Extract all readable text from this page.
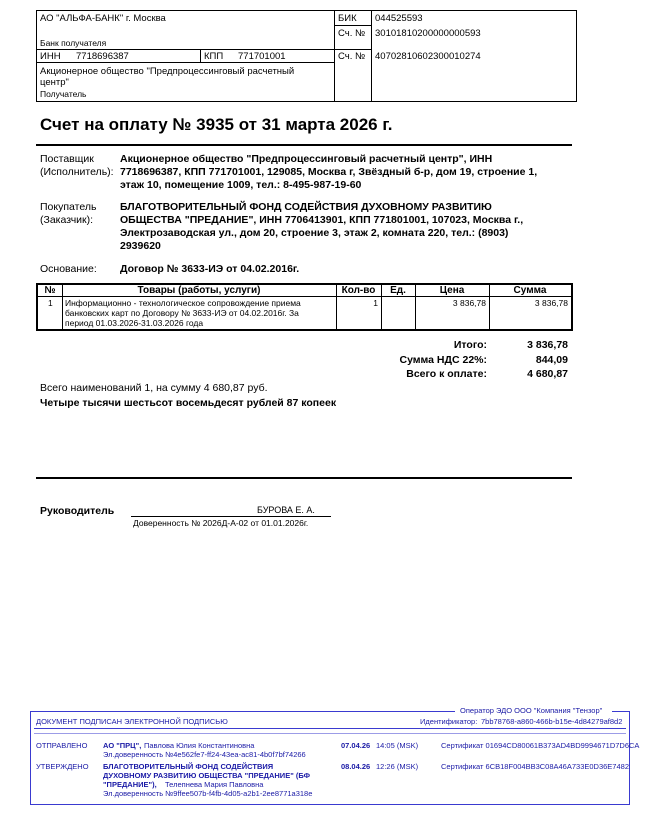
АО "АЛЬФА-БАНК" г. Москва
Банк получателя
БИК 044525593
Сч. № 30101810200000000593
ИНН 7718696387	КПП 771701001	Сч. № 40702810602300010274
Акционерное общество "Предпроцессинговый расчетный
центр"
Получатель
Счет на оплату № 3935 от 31 марта 2026 г.
Поставщик
(Исполнитель):
Акционерное общество "Предпроцессинговый расчетный центр", ИНН
7718696387, КПП 771701001, 129085, Москва г, Звёздный б-р, дом 19, строение 1,
этаж 10, помещение 1009, тел.: 8-495-987-19-60
Покупатель
(Заказчик):
БЛАГОТВОРИТЕЛЬНЫЙ ФОНД СОДЕЙСТВИЯ ДУХОВНОМУ РАЗВИТИЮ
ОБЩЕСТВА "ПРЕДАНИЕ", ИНН 7706413901, КПП 771801001, 107023, Москва г.,
Электрозаводская ул., дом 20, строение 3, этаж 2, комната 220, тел.: (8903)
2939620
Основание: Договор № 3633-ИЭ от 04.02.2016г.
№	Товары (работы, услуги)	Кол-во	Ед.	Цена	Сумма
1 Информационно - технологическое сопровождение приема
банковских карт по Договору № 3633-ИЭ от 04.02.2016г. За
период 01.03.2026-31.03.2026 года
1	3 836,78	3 836,78
Итого:	3 836,78
Сумма НДС 22%:	844,09
Всего к оплате:	4 680,87
Всего наименований 1, на сумму 4 680,87 руб.
Четыре тысячи шестьсот восемьдесят рублей 87 копеек
Руководитель	БУРОВА Е. А.
Доверенность № 2026Д-А-02 от 01.01.2026г.
Оператор ЭДО ООО "Компания "Тензор"
ДОКУМЕНТ ПОДПИСАН ЭЛЕКТРОННОЙ ПОДПИСЬЮ	Идентификатор: 7bb78768-a860-466b-b15e-4d84279af8d2
ОТПРАВЛЕНО АО "ПРЦ", Павлова Юлия Константиновна
Эл.доверенность №4e562fe7-ff24-43ea-ac81-4b0f7bf74266
07.04.26 14:05 (MSK)	Сертификат 01694CD80061B373AD4BD9994671D7D6CA
УТВЕРЖДЕНО БЛАГОТВОРИТЕЛЬНЫЙ ФОНД СОДЕЙСТВИЯ
ДУХОВНОМУ РАЗВИТИЮ ОБЩЕСТВА "ПРЕДАНИЕ" (БФ
"ПРЕДАНИЕ"), Телепнева Мария Павловна
Эл.доверенность №9ffee507b-f4fb-4d05-a2b1-2ee8771a318e
08.04.26 12:26 (MSK)	Сертификат 6CB18F004BB3C08A46A733E0D36E7482
